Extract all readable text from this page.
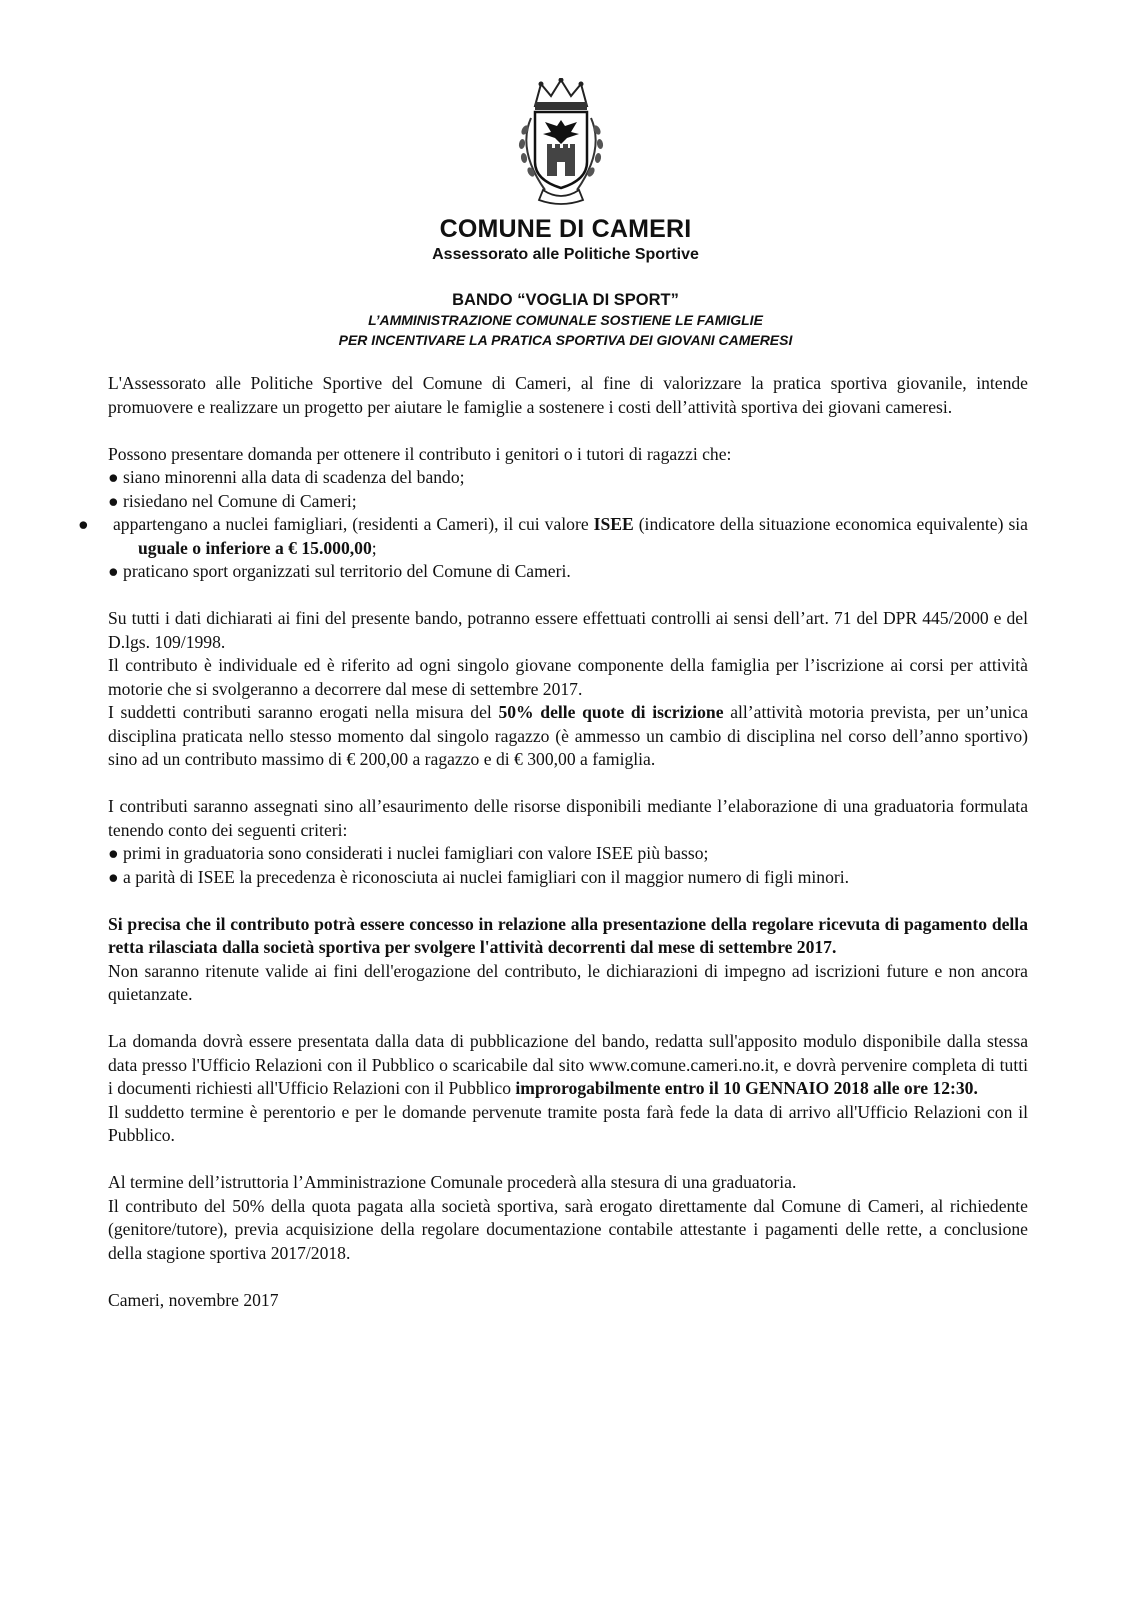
COMUNE DI CAMERI
Assessorato alle Politiche Sportive
BANDO “VOGLIA DI SPORT”
L’AMMINISTRAZIONE COMUNALE SOSTIENE LE FAMIGLIE
PER INCENTIVARE LA PRATICA SPORTIVA DEI GIOVANI CAMERESI

L'Assessorato alle Politiche Sportive del Comune di Cameri, al fine di valorizzare la pratica sportiva giovanile, intende promuovere e realizzare un progetto per aiutare le famiglie a sostenere i costi dell’attività sportiva dei giovani cameresi.

Possono presentare domanda per ottenere il contributo i genitori o i tutori di ragazzi che:

● siano minorenni alla data di scadenza del bando;
● risiedano nel Comune di Cameri;
● appartengano a nuclei famigliari, (residenti a Cameri), il cui valore ISEE (indicatore della situazione economica equivalente) sia uguale o inferiore a € 15.000,00;
● praticano sport organizzati sul territorio del Comune di Cameri.

Su tutti i dati dichiarati ai fini del presente bando, potranno essere effettuati controlli ai sensi dell’art. 71 del DPR 445/2000 e del D.lgs. 109/1998.

Il contributo è individuale ed è riferito ad ogni singolo giovane componente della famiglia per l’iscrizione ai corsi per attività motorie che si svolgeranno a decorrere dal mese di settembre 2017.

I suddetti contributi saranno erogati nella misura del 50% delle quote di iscrizione all’attività motoria prevista, per un’unica disciplina praticata nello stesso momento dal singolo ragazzo (è ammesso un cambio di disciplina nel corso dell’anno sportivo) sino ad un contributo massimo di € 200,00 a ragazzo e di € 300,00 a famiglia.

I contributi saranno assegnati sino all’esaurimento delle risorse disponibili mediante l’elaborazione di una graduatoria formulata tenendo conto dei seguenti criteri:

● primi in graduatoria sono considerati i nuclei famigliari con valore ISEE più basso;
● a parità di ISEE la precedenza è riconosciuta ai nuclei famigliari con il maggior numero di figli minori.

Si precisa che il contributo potrà essere concesso in relazione alla presentazione della regolare ricevuta di pagamento della retta rilasciata dalla società sportiva per svolgere l'attività decorrenti dal mese di settembre 2017.

Non saranno ritenute valide ai fini dell'erogazione del contributo, le dichiarazioni di impegno ad iscrizioni future e non ancora quietanzate.

La domanda dovrà essere presentata dalla data di pubblicazione del bando, redatta sull'apposito modulo disponibile dalla stessa data presso l'Ufficio Relazioni con il Pubblico o scaricabile dal sito www.comune.cameri.no.it, e dovrà pervenire completa di tutti i documenti richiesti all'Ufficio Relazioni con il Pubblico improrogabilmente entro il 10 GENNAIO 2018 alle ore 12:30.

Il suddetto termine è perentorio e per le domande pervenute tramite posta farà fede la data di arrivo all'Ufficio Relazioni con il Pubblico.

Al termine dell’istruttoria l’Amministrazione Comunale procederà alla stesura di una graduatoria.

Il contributo del 50% della quota pagata alla società sportiva, sarà erogato direttamente dal Comune di Cameri, al richiedente (genitore/tutore), previa acquisizione della regolare documentazione contabile attestante i pagamenti delle rette, a conclusione della stagione sportiva 2017/2018.

Cameri, novembre 2017
